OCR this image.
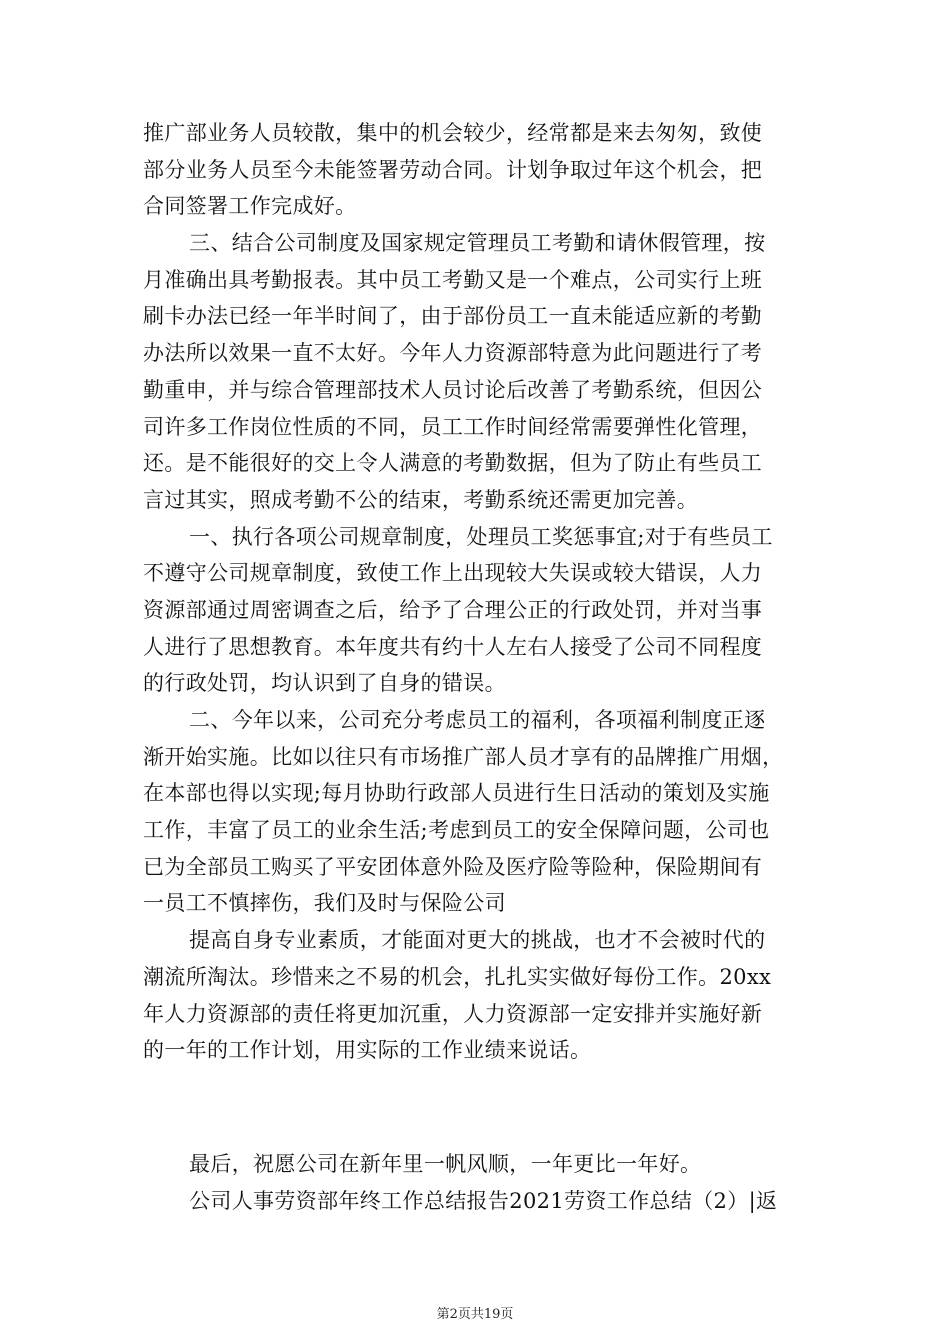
推广部业务人员较散，集中的机会较少，经常都是来去匆匆，致使
部分业务人员至今未能签署劳动合同。计划争取过年这个机会，把
合同签署工作完成好。
三、结合公司制度及国家规定管理员工考勤和请休假管理，按
月准确出具考勤报表。其中员工考勤又是一个难点，公司实行上班
刷卡办法已经一年半时间了，由于部份员工一直未能适应新的考勤
办法所以效果一直不太好。今年人力资源部特意为此问题进行了考
勤重申，并与综合管理部技术人员讨论后改善了考勤系统，但因公
司许多工作岗位性质的不同，员工工作时间经常需要弹性化管理，
还。是不能很好的交上令人满意的考勤数据，但为了防止有些员工
言过其实，照成考勤不公的结束，考勤系统还需更加完善。
一、执行各项公司规章制度，处理员工奖惩事宜;对于有些员工
不遵守公司规章制度，致使工作上出现较大失误或较大错误，人力
资源部通过周密调查之后，给予了合理公正的行政处罚，并对当事
人进行了思想教育。本年度共有约十人左右人接受了公司不同程度
的行政处罚，均认识到了自身的错误。
二、今年以来，公司充分考虑员工的福利，各项福利制度正逐
渐开始实施。比如以往只有市场推广部人员才享有的品牌推广用烟，
在本部也得以实现;每月协助行政部人员进行生日活动的策划及实施
工作，丰富了员工的业余生活;考虑到员工的安全保障问题，公司也
已为全部员工购买了平安团体意外险及医疗险等险种，保险期间有
一员工不慎摔伤，我们及时与保险公司
提高自身专业素质，才能面对更大的挑战，也才不会被时代的
潮流所淘汰。珍惜来之不易的机会，扎扎实实做好每份工作。20xx
年人力资源部的责任将更加沉重，人力资源部一定安排并实施好新
的一年的工作计划，用实际的工作业绩来说话。
最后，祝愿公司在新年里一帆风顺，一年更比一年好。
公司人事劳资部年终工作总结报告2021劳资工作总结（2）|返
第2页共19页
